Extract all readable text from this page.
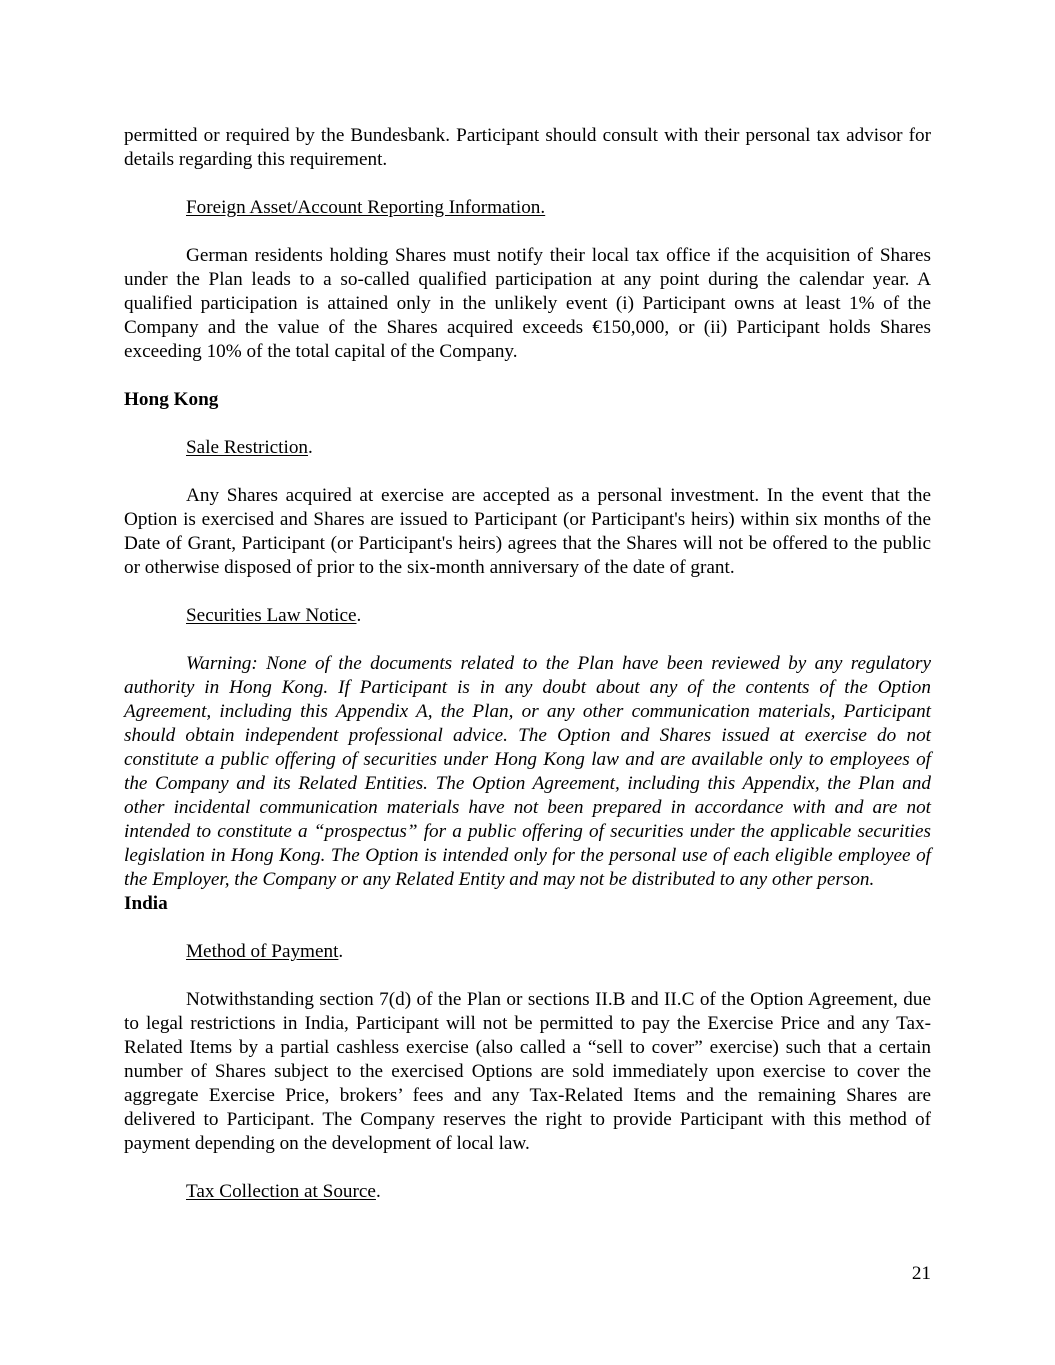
permitted or required by the Bundesbank. Participant should consult with their personal tax advisor for details regarding this requirement.

Foreign Asset/Account Reporting Information.

German residents holding Shares must notify their local tax office if the acquisition of Shares under the Plan leads to a so-called qualified participation at any point during the calendar year. A qualified participation is attained only in the unlikely event (i) Participant owns at least 1% of the Company and the value of the Shares acquired exceeds €150,000, or (ii) Participant holds Shares exceeding 10% of the total capital of the Company.

Hong Kong

Sale Restriction.

Any Shares acquired at exercise are accepted as a personal investment. In the event that the Option is exercised and Shares are issued to Participant (or Participant's heirs) within six months of the Date of Grant, Participant (or Participant's heirs) agrees that the Shares will not be offered to the public or otherwise disposed of prior to the six-month anniversary of the date of grant.

Securities Law Notice.

Warning: None of the documents related to the Plan have been reviewed by any regulatory authority in Hong Kong. If Participant is in any doubt about any of the contents of the Option Agreement, including this Appendix A, the Plan, or any other communication materials, Participant should obtain independent professional advice. The Option and Shares issued at exercise do not constitute a public offering of securities under Hong Kong law and are available only to employees of the Company and its Related Entities. The Option Agreement, including this Appendix, the Plan and other incidental communication materials have not been prepared in accordance with and are not intended to constitute a “prospectus” for a public offering of securities under the applicable securities legislation in Hong Kong. The Option is intended only for the personal use of each eligible employee of the Employer, the Company or any Related Entity and may not be distributed to any other person.

India

Method of Payment.

Notwithstanding section 7(d) of the Plan or sections II.B and II.C of the Option Agreement, due to legal restrictions in India, Participant will not be permitted to pay the Exercise Price and any Tax-Related Items by a partial cashless exercise (also called a “sell to cover” exercise) such that a certain number of Shares subject to the exercised Options are sold immediately upon exercise to cover the aggregate Exercise Price, brokers’ fees and any Tax-Related Items and the remaining Shares are delivered to Participant. The Company reserves the right to provide Participant with this method of payment depending on the development of local law.

Tax Collection at Source.

21
